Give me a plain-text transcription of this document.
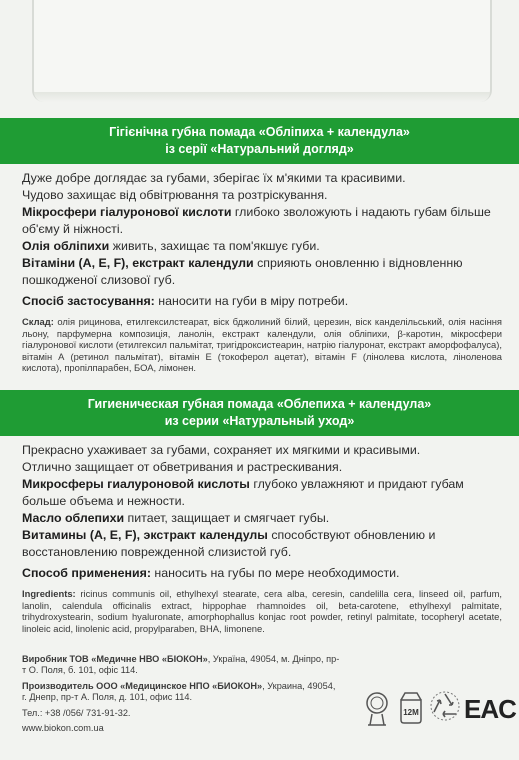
Гігієнічна губна помада «Обліпиха + календула»
із серії «Натуральний догляд»

Дуже добре доглядає за губами, зберігає їх м'якими та красивими.

Чудово захищає від обвітрювання та розтріскування.

Мікросфери гіалуронової кислоти глибоко зволожують і надають губам більше об'єму й ніжності.

Олія обліпихи живить, захищає та пом'якшує губи.

Вітаміни (А, Е, F), екстракт календули сприяють оновленню і відновленню пошкодженої слизової губ.

Спосіб застосування: наносити на губи в міру потреби.

Склад: олія рицинова, етилгексилстеарат, віск бджолиний білий, церезин, віск канделільський, олія насіння льону, парфумерна композиція, ланолін, екстракт календули, олія обліпихи, β-каротин, мікросфери гіалуронової кислоти (етилгексил пальмітат, тригідроксистеарин, натрію гіалуронат, екстракт аморфофалуса), вітамін А (ретинол пальмітат), вітамін Е (токоферол ацетат), вітамін F (лінолева кислота, ліноленова кислота), пропілпарабен, БОА, лімонен.

Гигиеническая губная помада «Облепиха + календула»
из серии «Натуральный уход»

Прекрасно ухаживает за губами, сохраняет их мягкими и красивыми.

Отлично защищает от обветривания и растрескивания.

Микросферы гиалуроновой кислоты глубоко увлажняют и придают губам больше объема и нежности.

Масло облепихи питает, защищает и смягчает губы.

Витамины (А, Е, F), экстракт календулы способствуют обновлению и восстановлению поврежденной слизистой губ.

Способ применения: наносить на губы по мере необходимости.

Ingredients: ricinus communis oil, ethylhexyl stearate, cera alba, ceresin, candelilla cera, linseed oil, parfum, lanolin, calendula officinalis extract, hippophae rhamnoides oil, beta-carotene, ethylhexyl palmitate, trihydroxystearin, sodium hyaluronate, amorphophallus konjac root powder, retinyl palmitate, tocopheryl acetate, linoleic acid, linolenic acid, propylparaben, BHA, limonene.

Виробник ТОВ «Медичне НВО «БІОКОН», Україна, 49054, м. Дніпро, пр-т О. Поля, б. 101, офіс 114.

Производитель ООО «Медицинское НПО «БИОКОН», Украина, 49054, г. Днепр, пр-т А. Поля, д. 101, офис 114.

Тел.: +38 /056/ 731-91-32.

www.biokon.com.ua
12M EAC
